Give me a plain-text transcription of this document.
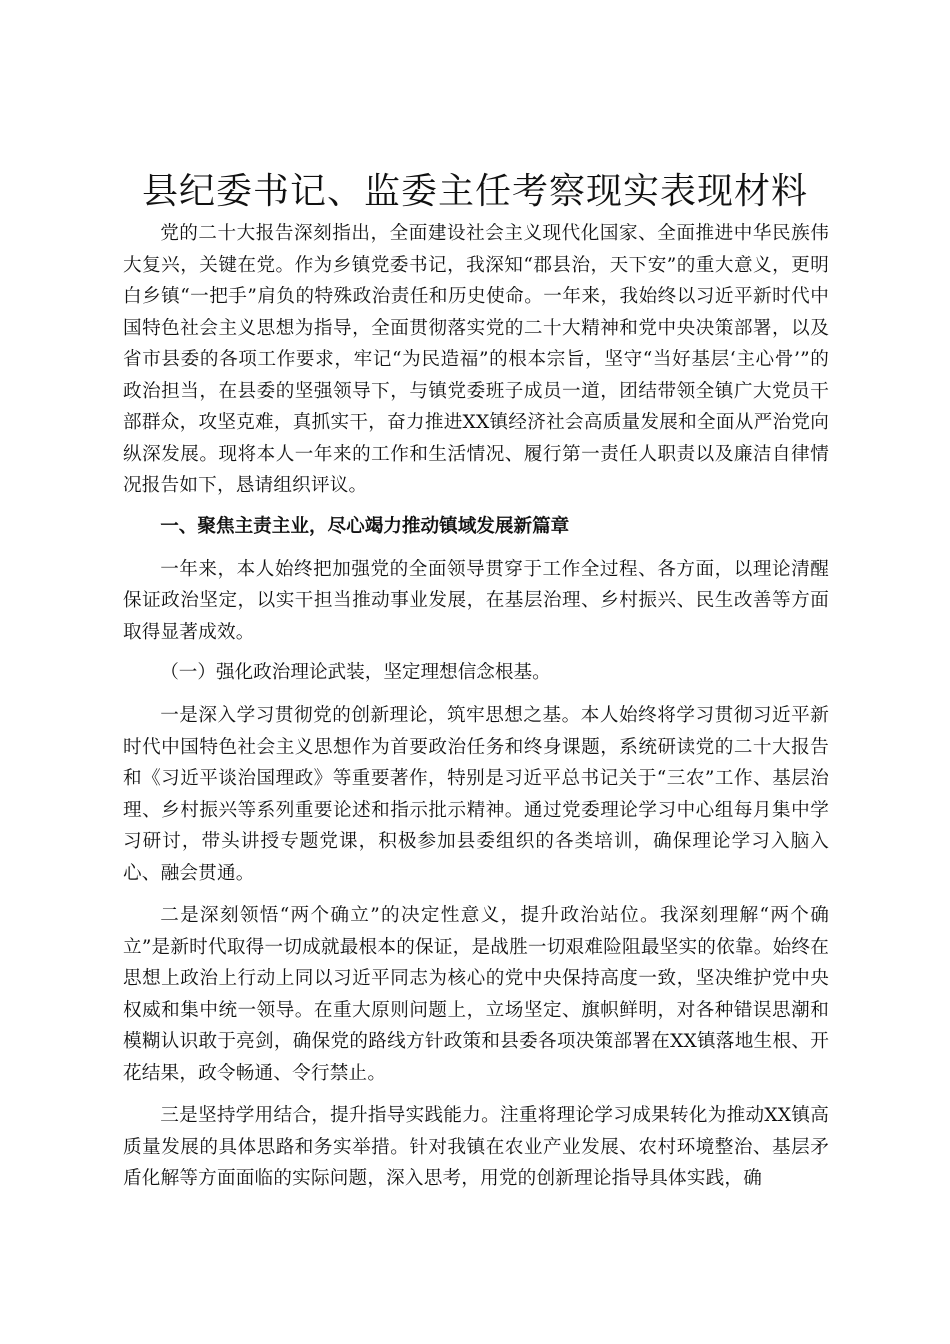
县纪委书记、监委主任考察现实表现材料

党的二十大报告深刻指出，全面建设社会主义现代化国家、全面推进中华民族伟大复兴，关键在党。作为乡镇党委书记，我深知“郡县治，天下安”的重大意义，更明白乡镇“一把手”肩负的特殊政治责任和历史使命。一年来，我始终以习近平新时代中国特色社会主义思想为指导，全面贯彻落实党的二十大精神和党中央决策部署，以及省市县委的各项工作要求，牢记“为民造福”的根本宗旨，坚守“当好基层‘主心骨’”的政治担当，在县委的坚强领导下，与镇党委班子成员一道，团结带领全镇广大党员干部群众，攻坚克难，真抓实干，奋力推进XX镇经济社会高质量发展和全面从严治党向纵深发展。现将本人一年来的工作和生活情况、履行第一责任人职责以及廉洁自律情况报告如下，恳请组织评议。

一、聚焦主责主业，尽心竭力推动镇域发展新篇章

一年来，本人始终把加强党的全面领导贯穿于工作全过程、各方面，以理论清醒保证政治坚定，以实干担当推动事业发展，在基层治理、乡村振兴、民生改善等方面取得显著成效。

（一）强化政治理论武装，坚定理想信念根基。

一是深入学习贯彻党的创新理论，筑牢思想之基。本人始终将学习贯彻习近平新时代中国特色社会主义思想作为首要政治任务和终身课题，系统研读党的二十大报告和《习近平谈治国理政》等重要著作，特别是习近平总书记关于“三农”工作、基层治理、乡村振兴等系列重要论述和指示批示精神。通过党委理论学习中心组每月集中学习研讨，带头讲授专题党课，积极参加县委组织的各类培训，确保理论学习入脑入心、融会贯通。

二是深刻领悟“两个确立”的决定性意义，提升政治站位。我深刻理解“两个确立”是新时代取得一切成就最根本的保证，是战胜一切艰难险阻最坚实的依靠。始终在思想上政治上行动上同以习近平同志为核心的党中央保持高度一致，坚决维护党中央权威和集中统一领导。在重大原则问题上，立场坚定、旗帜鲜明，对各种错误思潮和模糊认识敢于亮剑，确保党的路线方针政策和县委各项决策部署在XX镇落地生根、开花结果，政令畅通、令行禁止。

三是坚持学用结合，提升指导实践能力。注重将理论学习成果转化为推动XX镇高质量发展的具体思路和务实举措。针对我镇在农业产业发展、农村环境整治、基层矛盾化解等方面面临的实际问题，深入思考，用党的创新理论指导具体实践，确
